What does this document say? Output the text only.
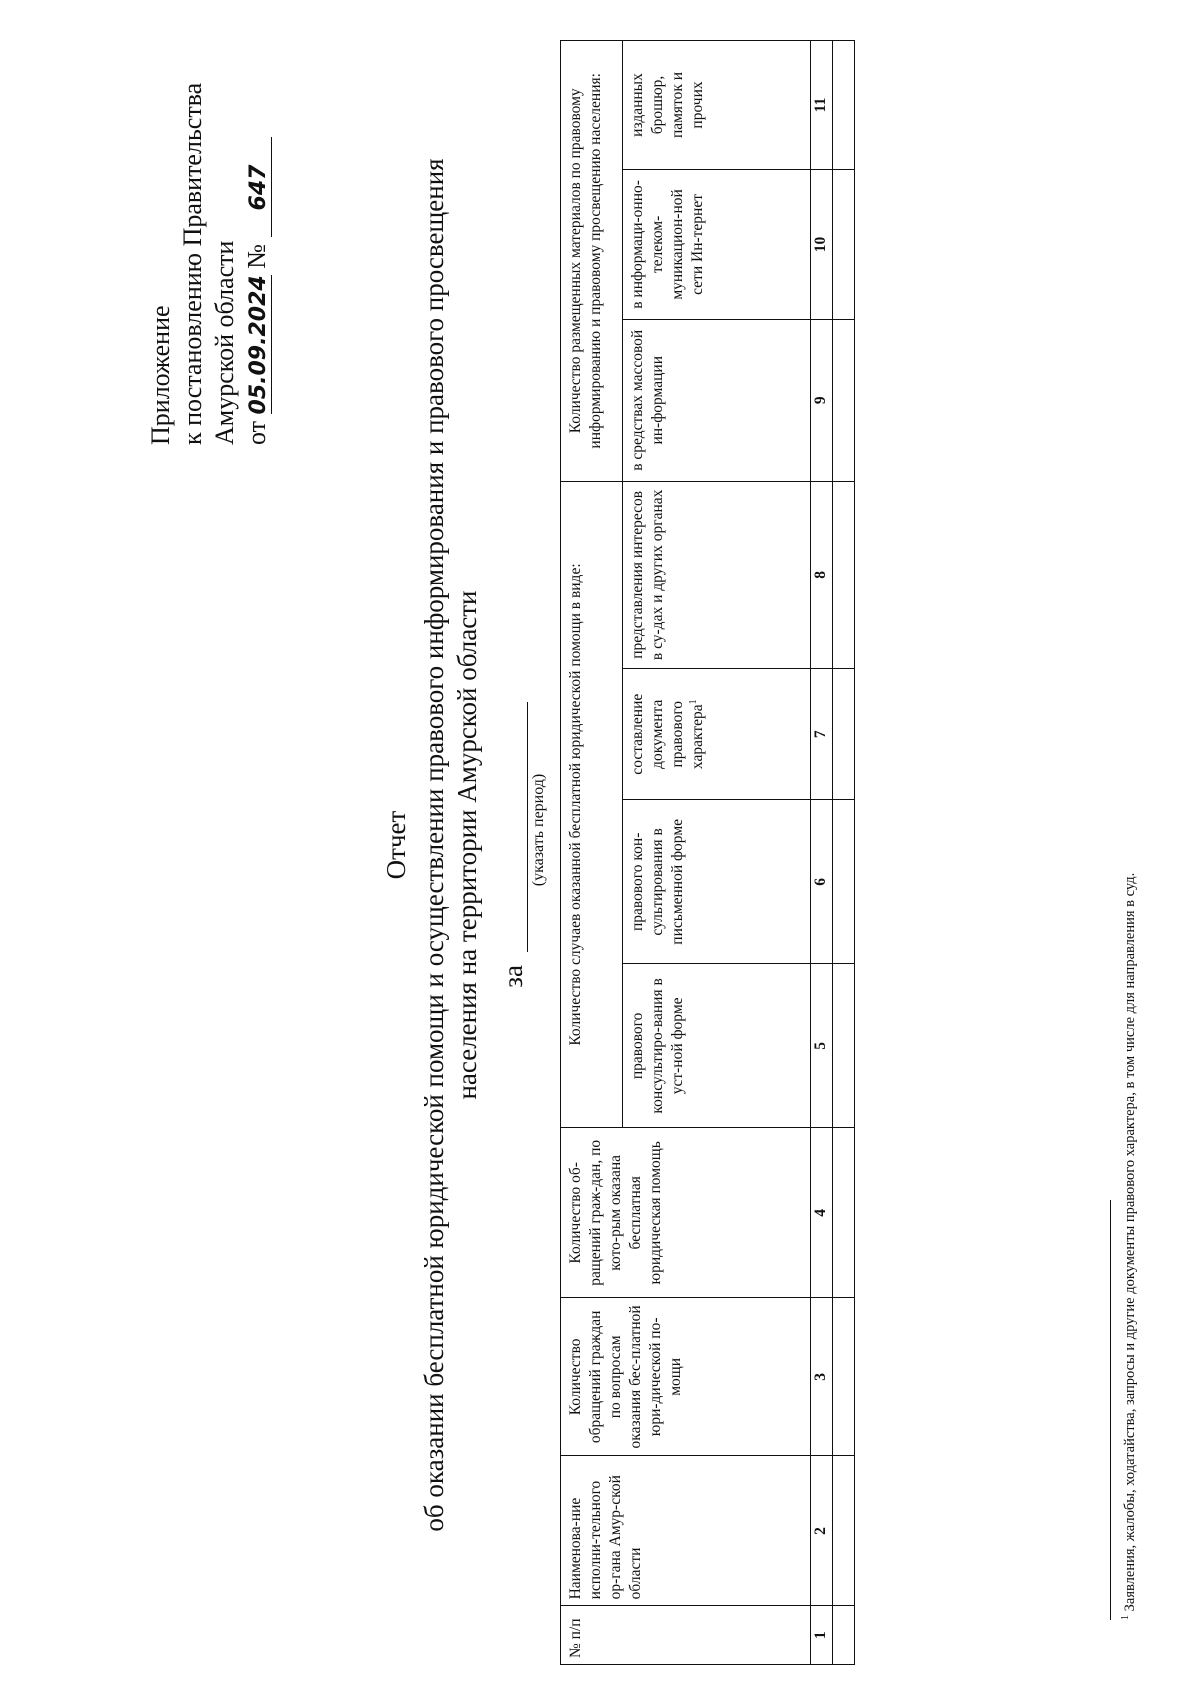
Приложение к постановлению Правительства Амурской области от 05.09.2024 № 647
Отчет об оказании бесплатной юридической помощи и осуществлении правового информирования и правового просвещения населения на территории Амурской области за
(указать период)
№ п/п	Наименова-ние исполни-тельного ор-гана Амур-ской области	Количество обращений граждан по вопросам оказания бес-платной юри-дической по-мощи	Количество об-ращений граж-дан, по кото-рым оказана бесплатная юридическая помощь	Количество случаев оказанной бесплатной юридической помощи в виде:				Количество размещенных материалов по правовому информированию и правовому просвещению населения:		
				правового консультиро-вания в уст-ной форме	правового кон-сультирования в письменной форме	составление документа правового характера$^1$	представления интересов в су-дах и других органах	в средствах массовой ин-формации	в информаци-онно-телеком-муникацион-ной сети Ин-тернет	изданных брошюр, памяток и прочих
1	2	3	4	5	6	7	8	9	10	11

$^1$ Заявления, жалобы, ходатайства, запросы и другие документы правового характера, в том числе для направления в суд.
